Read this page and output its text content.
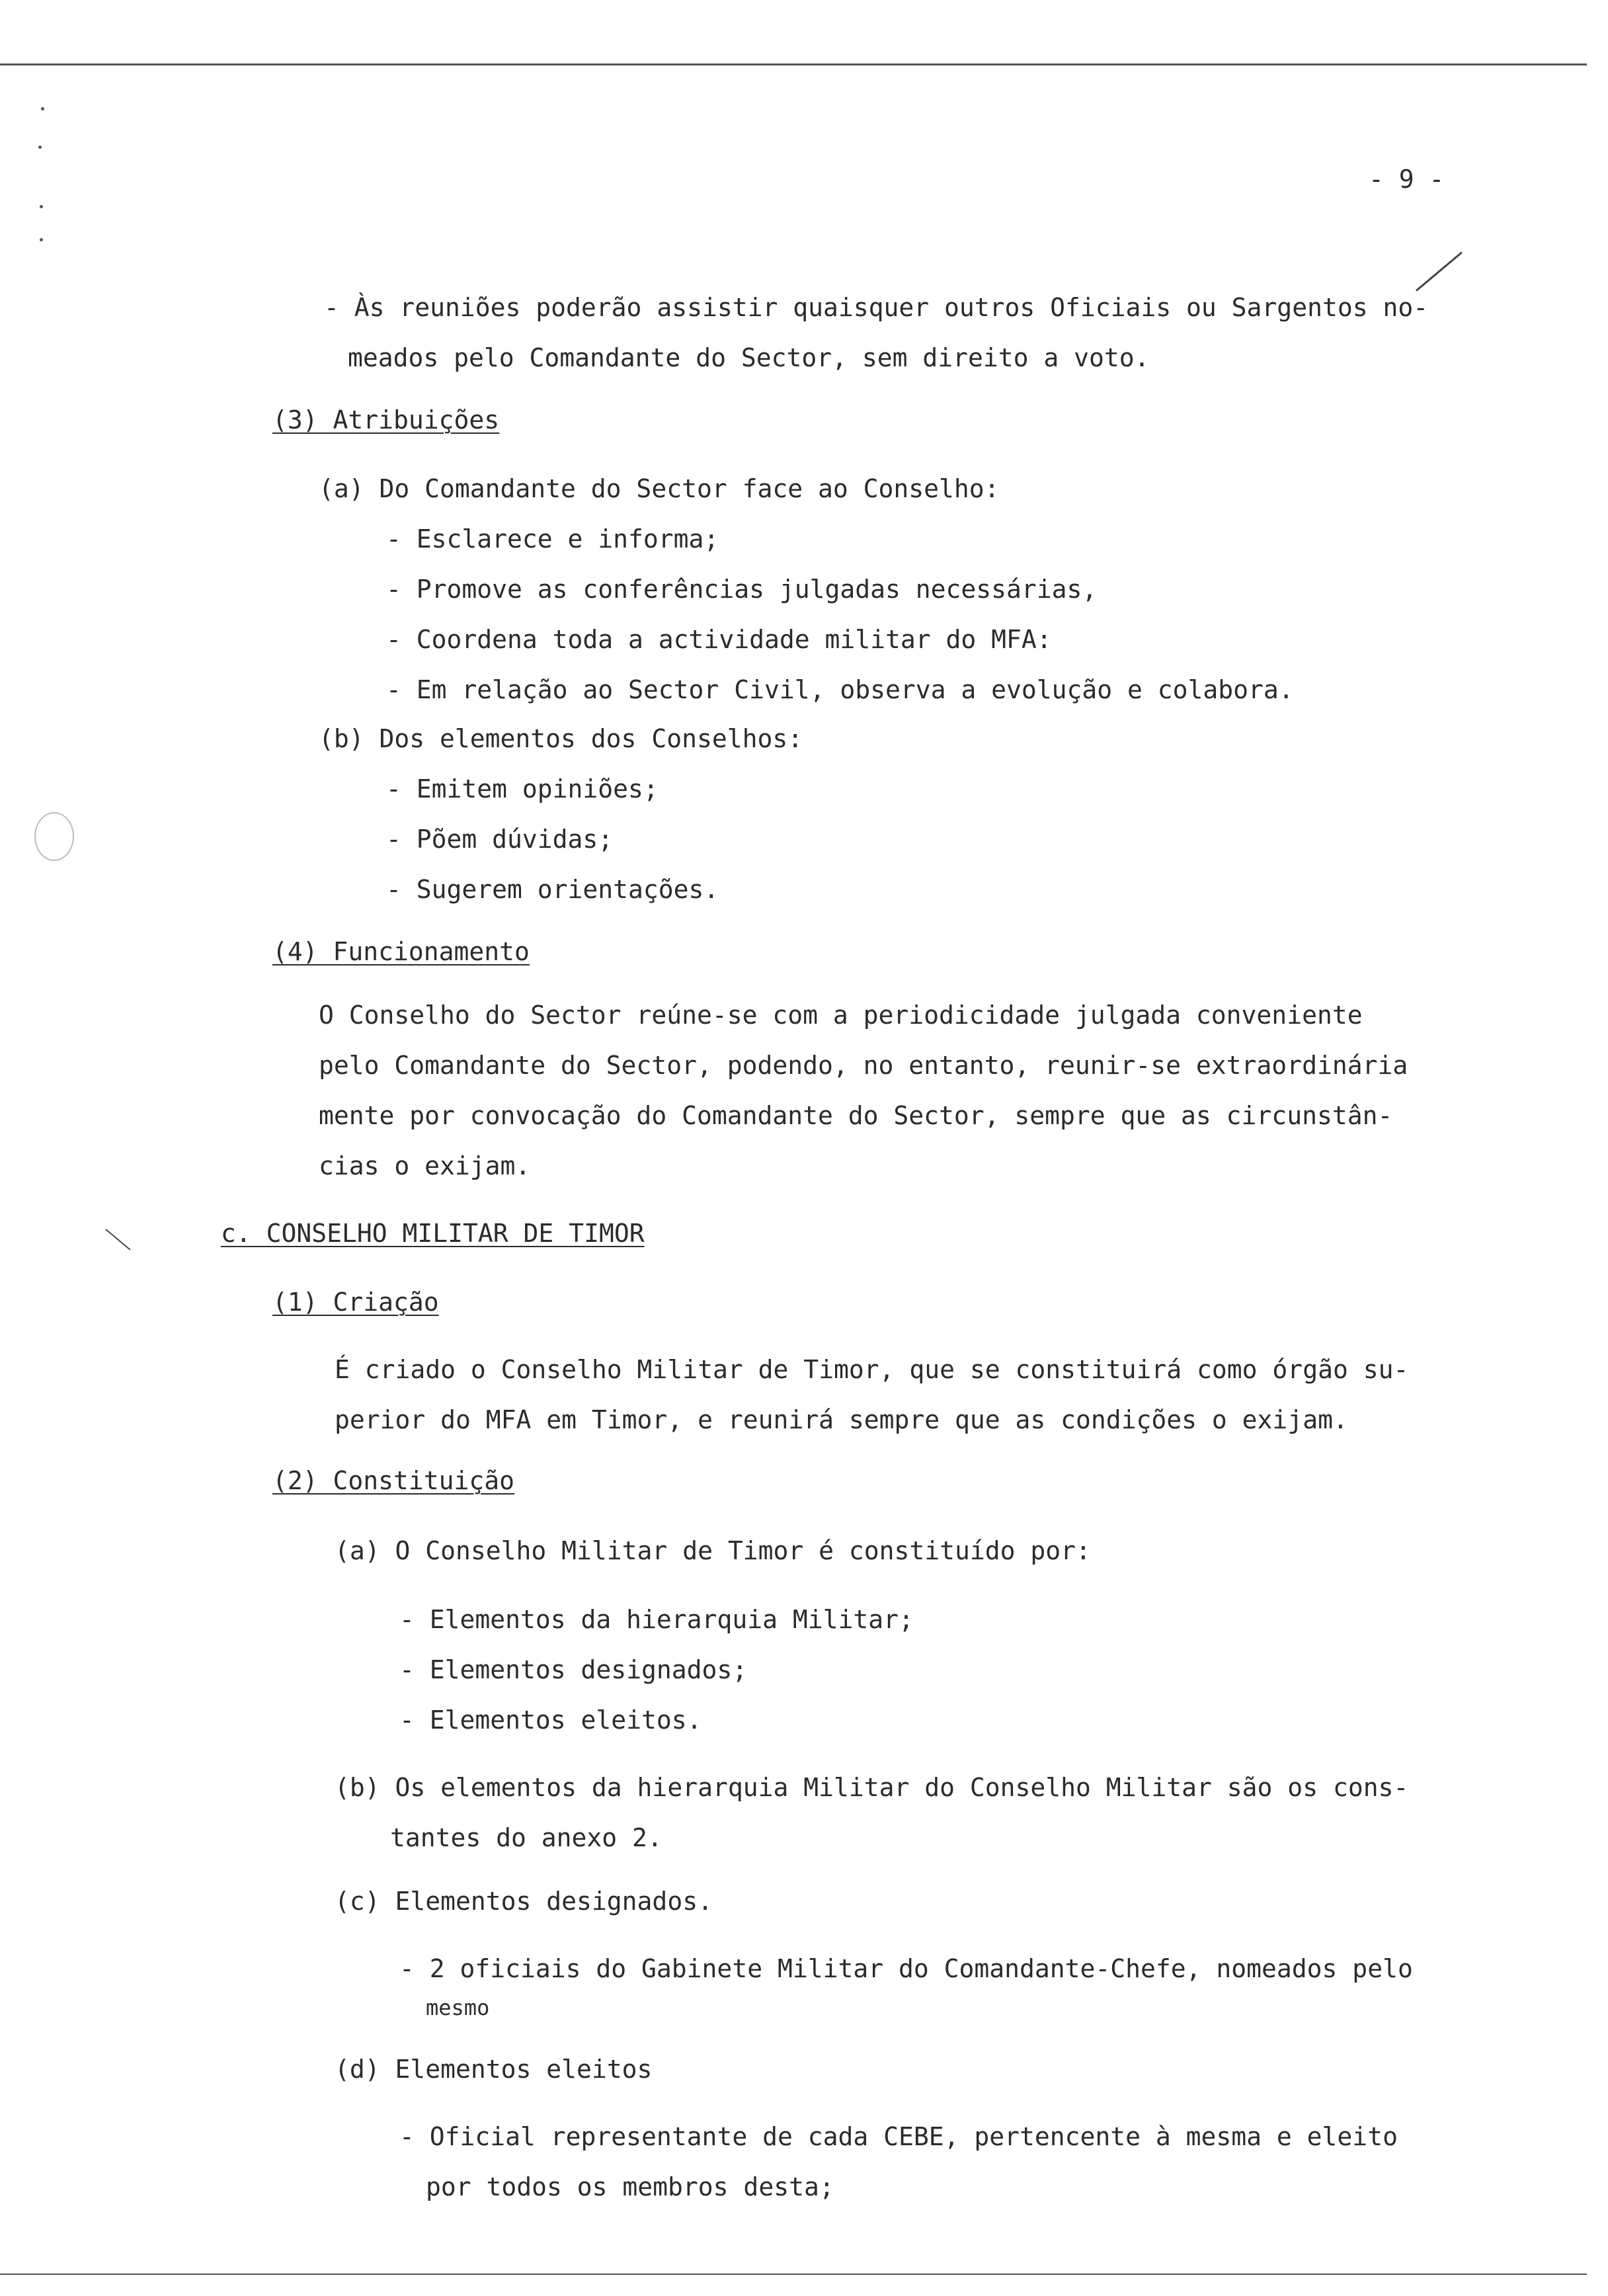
- 9 -
- Às reuniões poderão assistir quaisquer outros Oficiais ou Sargentos no-
meados pelo Comandante do Sector, sem direito a voto.
(3) Atribuições
(a) Do Comandante do Sector face ao Conselho:
- Esclarece e informa;
- Promove as conferências julgadas necessárias,
- Coordena toda a actividade militar do MFA:
- Em relação ao Sector Civil, observa a evolução e colabora.
(b) Dos elementos dos Conselhos:
- Emitem opiniões;
- Põem dúvidas;
- Sugerem orientações.
(4) Funcionamento
O Conselho do Sector reúne-se com a periodicidade julgada conveniente
pelo Comandante do Sector, podendo, no entanto, reunir-se extraordinária
mente por convocação do Comandante do Sector, sempre que as circunstân-
cias o exijam.
c. CONSELHO MILITAR DE TIMOR
(1) Criação
É criado o Conselho Militar de Timor, que se constituirá como órgão su-
perior do MFA em Timor, e reunirá sempre que as condições o exijam.
(2) Constituição
(a) O Conselho Militar de Timor é constituído por:
- Elementos da hierarquia Militar;
- Elementos designados;
- Elementos eleitos.
(b) Os elementos da hierarquia Militar do Conselho Militar são os cons-
tantes do anexo 2.
(c) Elementos designados.
- 2 oficiais do Gabinete Militar do Comandante-Chefe, nomeados pelo
mesmo
(d) Elementos eleitos
- Oficial representante de cada CEBE, pertencente à mesma e eleito
por todos os membros desta;
